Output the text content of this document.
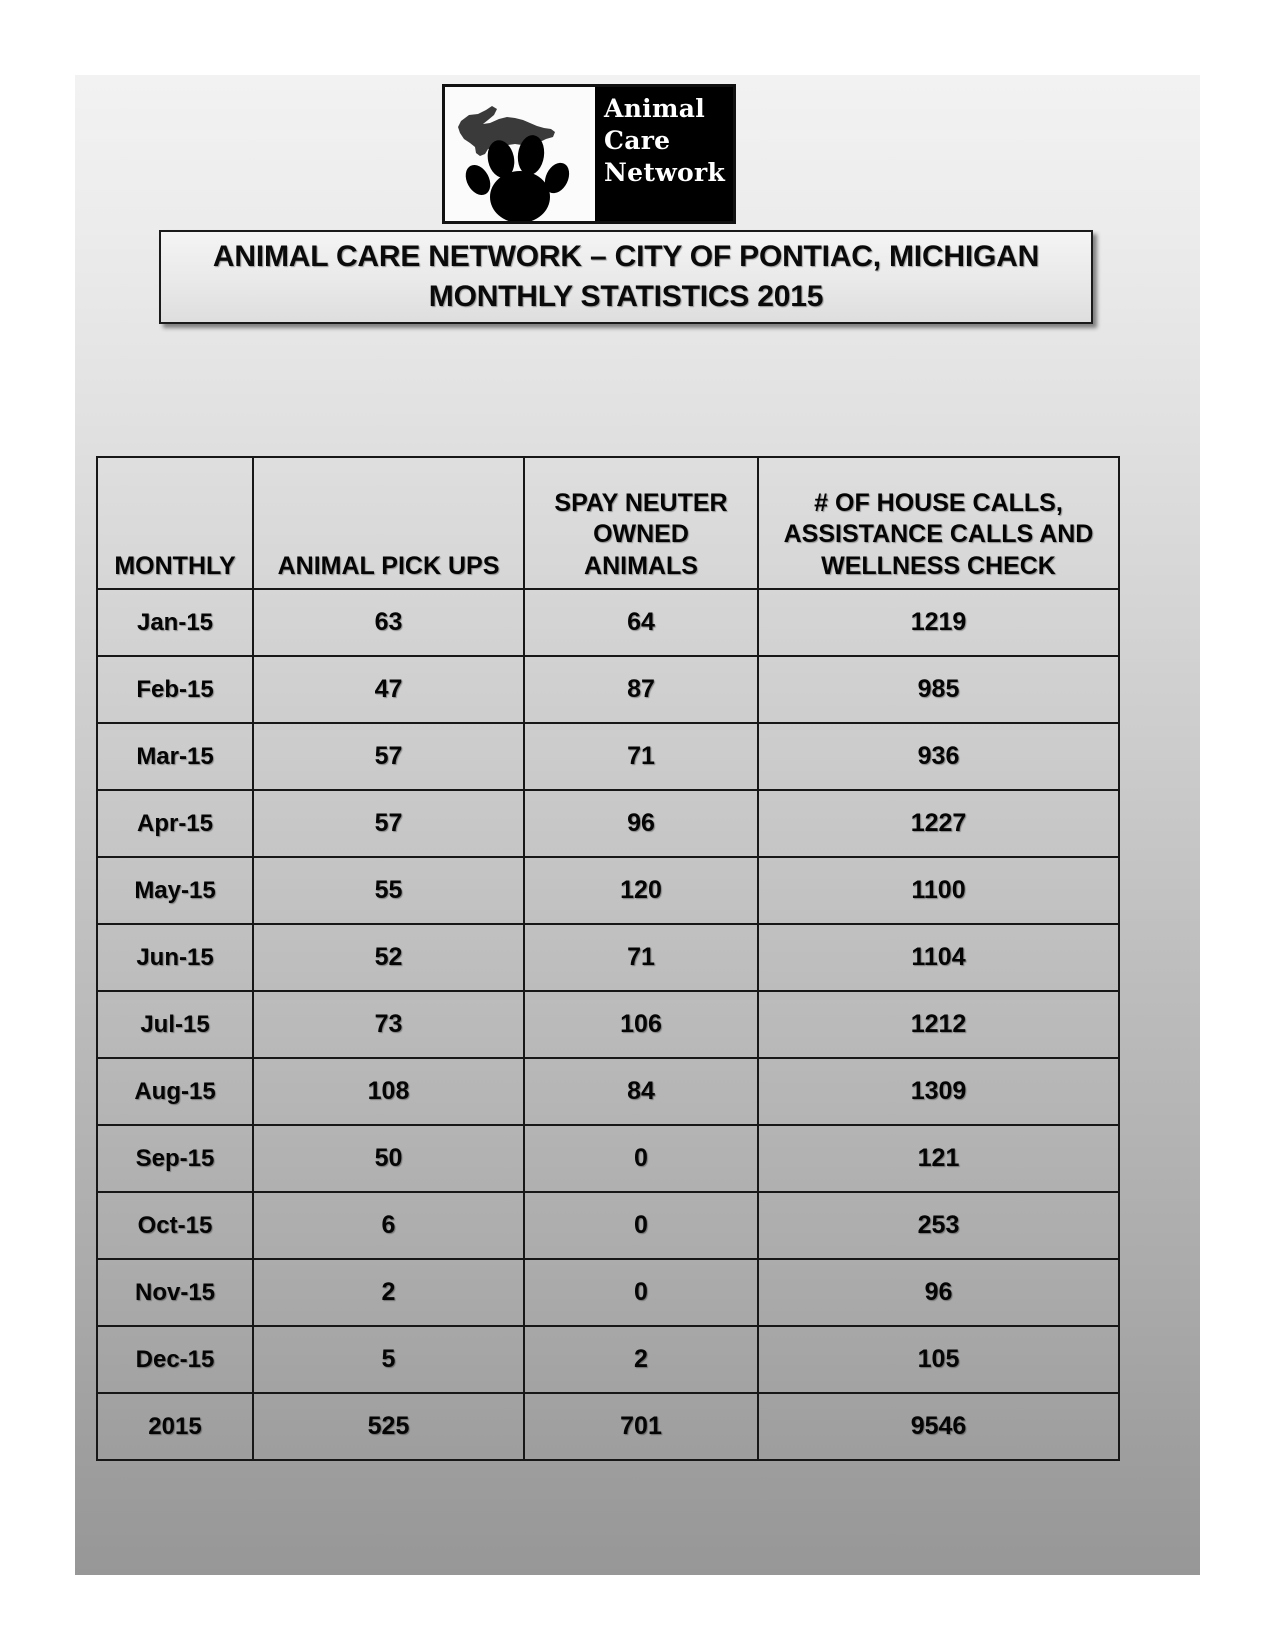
Animal
Care
Network
ANIMAL CARE NETWORK – CITY OF PONTIAC, MICHIGAN
MONTHLY STATISTICS 2015
MONTHLY	ANIMAL PICK UPS	
SPAY NEUTER
OWNED
ANIMALS

# OF HOUSE CALLS,
ASSISTANCE CALLS AND
WELLNESS CHECK

Jan-15	63	64	1219
Feb-15	47	87	985
Mar-15	57	71	936
Apr-15	57	96	1227
May-15	55	120	1100
Jun-15	52	71	1104
Jul-15	73	106	1212
Aug-15	108	84	1309
Sep-15	50	0	121
Oct-15	6	0	253
Nov-15	2	0	96
Dec-15	5	2	105
2015	525	701	9546
